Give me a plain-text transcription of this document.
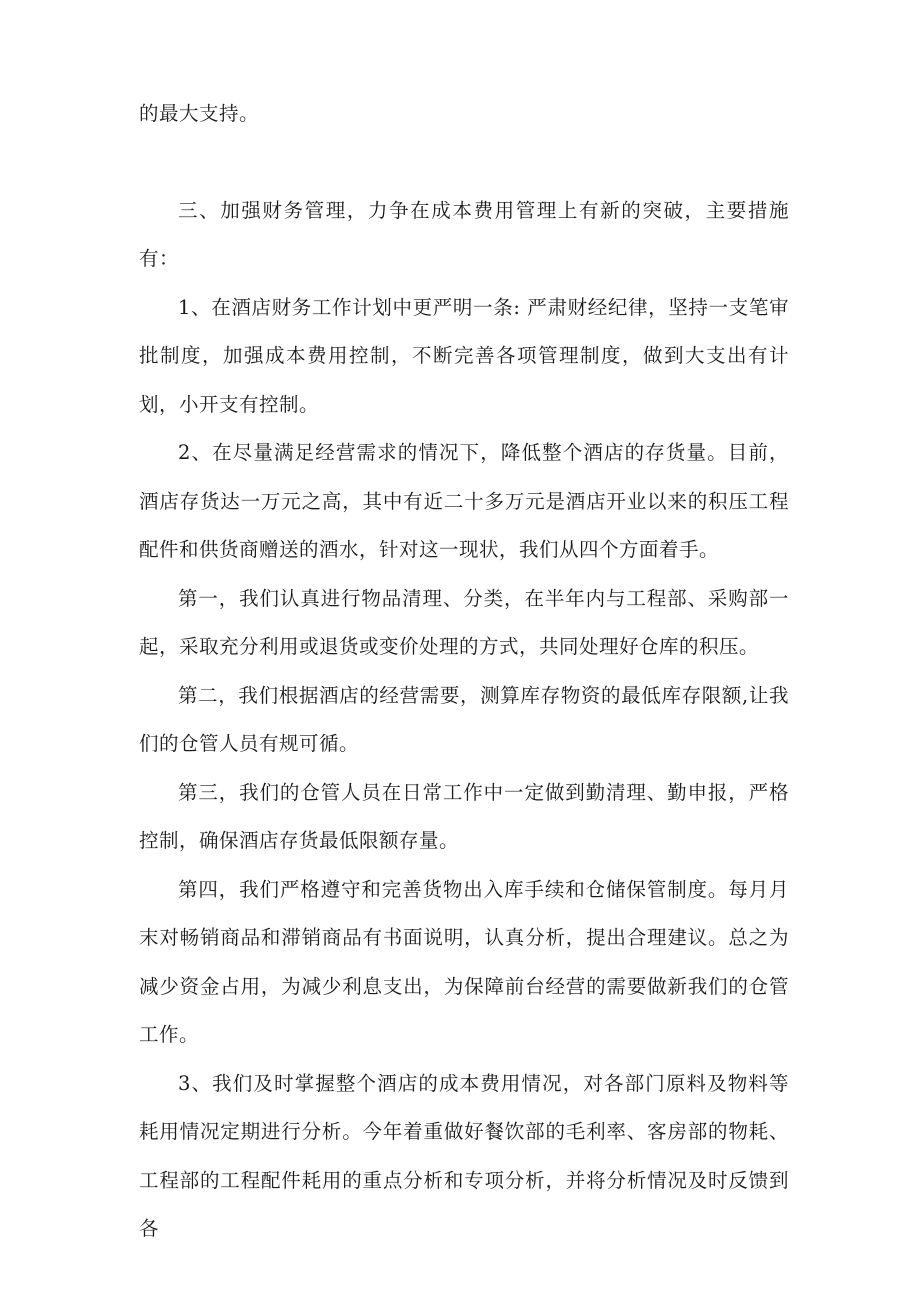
的最大支持。

三、加强财务管理，力争在成本费用管理上有新的突破，主要措施有：

1、在酒店财务工作计划中更严明一条: 严肃财经纪律，坚持一支笔审批制度，加强成本费用控制，不断完善各项管理制度，做到大支出有计划，小开支有控制。

2、在尽量满足经营需求的情况下，降低整个酒店的存货量。目前，酒店存货达一万元之高，其中有近二十多万元是酒店开业以来的积压工程配件和供货商赠送的酒水，针对这一现状，我们从四个方面着手。

第一，我们认真进行物品清理、分类，在半年内与工程部、采购部一起，采取充分利用或退货或变价处理的方式，共同处理好仓库的积压。

第二，我们根据酒店的经营需要，测算库存物资的最低库存限额,让我们的仓管人员有规可循。

第三，我们的仓管人员在日常工作中一定做到勤清理、勤申报，严格控制，确保酒店存货最低限额存量。

第四，我们严格遵守和完善货物出入库手续和仓储保管制度。每月月末对畅销商品和滞销商品有书面说明，认真分析，提出合理建议。总之为减少资金占用，为减少利息支出，为保障前台经营的需要做新我们的仓管工作。

3、我们及时掌握整个酒店的成本费用情况，对各部门原料及物料等耗用情况定期进行分析。今年着重做好餐饮部的毛利率、客房部的物耗、工程部的工程配件耗用的重点分析和专项分析，并将分析情况及时反馈到各
